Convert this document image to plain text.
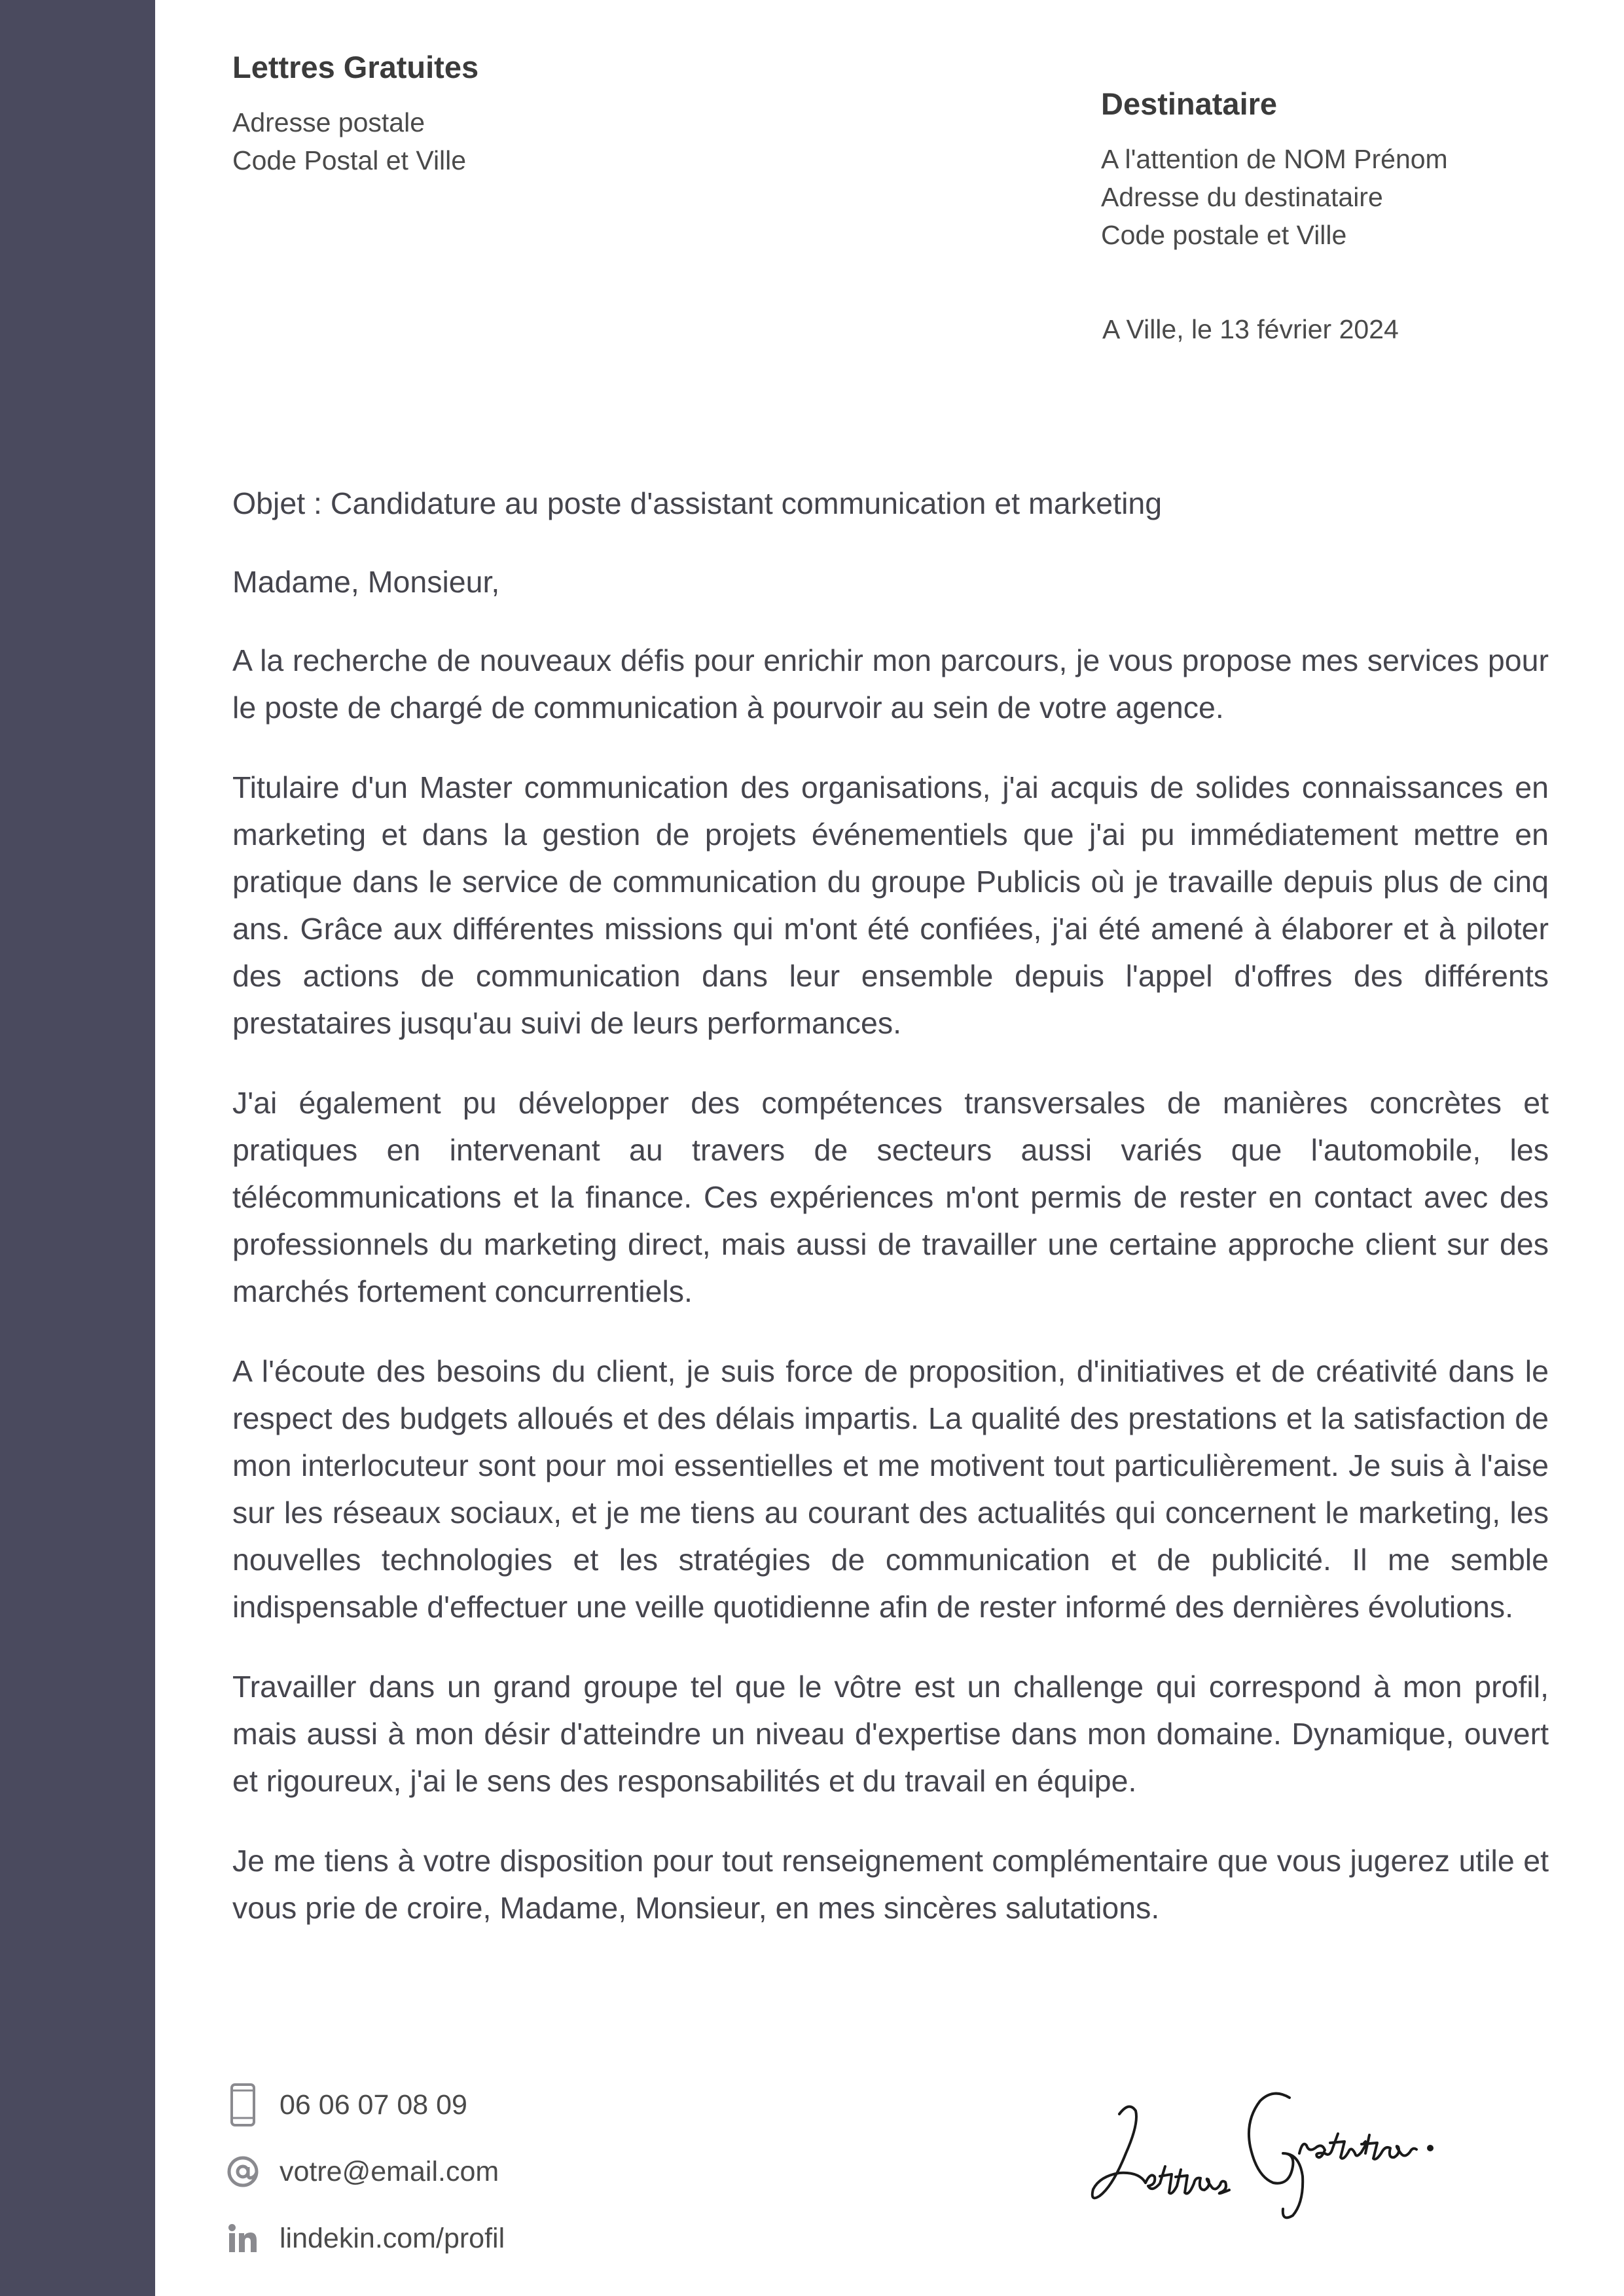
Lettres Gratuites
Adresse postale
Code Postal et Ville
Destinataire
A l'attention de NOM Prénom
Adresse du destinataire
Code postale et Ville
A Ville, le 13 février 2024

Objet : Candidature au poste d'assistant communication et marketing

Madame, Monsieur,

A la recherche de nouveaux défis pour enrichir mon parcours, je vous propose mes services pour le poste de chargé de communication à pourvoir au sein de votre agence.

Titulaire d'un Master communication des organisations, j'ai acquis de solides connaissances en marketing et dans la gestion de projets événementiels que j'ai pu immédiatement mettre en pratique dans le service de communication du groupe Publicis où je travaille depuis plus de cinq ans. Grâce aux différentes missions qui m'ont été confiées, j'ai été amené à élaborer et à piloter des actions de communication dans leur ensemble depuis l'appel d'offres des différents prestataires jusqu'au suivi de leurs performances.

J'ai également pu développer des compétences transversales de manières concrètes et pratiques en intervenant au travers de secteurs aussi variés que l'automobile, les télécommunications et la finance. Ces expériences m'ont permis de rester en contact avec des professionnels du marketing direct, mais aussi de travailler une certaine approche client sur des marchés fortement concurrentiels.

A l'écoute des besoins du client, je suis force de proposition, d'initiatives et de créativité dans le respect des budgets alloués et des délais impartis. La qualité des prestations et la satisfaction de mon interlocuteur sont pour moi essentielles et me motivent tout particulièrement. Je suis à l'aise sur les réseaux sociaux, et je me tiens au courant des actualités qui concernent le marketing, les nouvelles technologies et les stratégies de communication et de publicité. Il me semble indispensable d'effectuer une veille quotidienne afin de rester informé des dernières évolutions.

Travailler dans un grand groupe tel que le vôtre est un challenge qui correspond à mon profil, mais aussi à mon désir d'atteindre un niveau d'expertise dans mon domaine. Dynamique, ouvert et rigoureux, j'ai le sens des responsabilités et du travail en équipe.

Je me tiens à votre disposition pour tout renseignement complémentaire que vous jugerez utile et vous prie de croire, Madame, Monsieur, en mes sincères salutations.

06 06 07 08 09
votre@email.com
lindekin.com/profil
